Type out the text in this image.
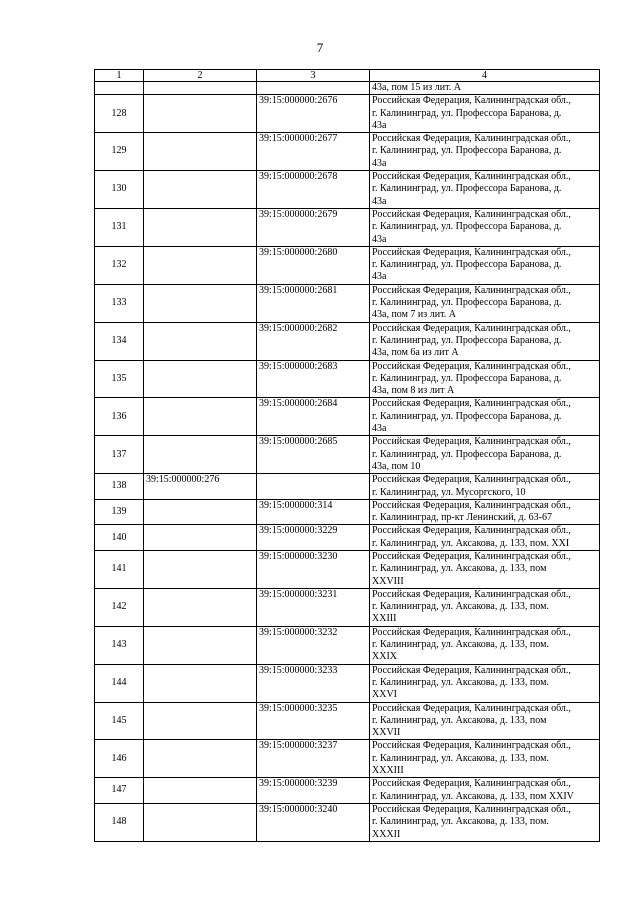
7
1	2	3	4
			43а, пом 15 из лит. А
128		39:15:000000:2676	Российская Федерация, Калининградская обл.,
г. Калининград, ул. Профессора Баранова, д.
43а
129		39:15:000000:2677	Российская Федерация, Калининградская обл.,
г. Калининград, ул. Профессора Баранова, д.
43а
130		39:15:000000:2678	Российская Федерация, Калининградская обл.,
г. Калининград, ул. Профессора Баранова, д.
43а
131		39:15:000000:2679	Российская Федерация, Калининградская обл.,
г. Калининград, ул. Профессора Баранова, д.
43а
132		39:15:000000:2680	Российская Федерация, Калининградская обл.,
г. Калининград, ул. Профессора Баранова, д.
43а
133		39:15:000000:2681	Российская Федерация, Калининградская обл.,
г. Калининград, ул. Профессора Баранова, д.
43а, пом 7 из лит. А
134		39:15:000000:2682	Российская Федерация, Калининградская обл.,
г. Калининград, ул. Профессора Баранова, д.
43а, пом 6а из лит А
135		39:15:000000:2683	Российская Федерация, Калининградская обл.,
г. Калининград, ул. Профессора Баранова, д.
43а, пом 8 из лит А
136		39:15:000000:2684	Российская Федерация, Калининградская обл.,
г. Калининград, ул. Профессора Баранова, д.
43а
137		39:15:000000:2685	Российская Федерация, Калининградская обл.,
г. Калининград, ул. Профессора Баранова, д.
43а, пом 10
138	39:15:000000:276		Российская Федерация, Калининградская обл.,
г. Калининград, ул. Мусоргского, 10
139		39:15:000000:314	Российская Федерация, Калининградская обл.,
г. Калининград, пр-кт Ленинский, д. 63-67
140		39:15:000000:3229	Российская Федерация, Калининградская обл.,
г. Калининград, ул. Аксакова, д. 133, пом. XXI
141		39:15:000000:3230	Российская Федерация, Калининградская обл.,
г. Калининград, ул. Аксакова, д. 133, пом
XXVIII
142		39:15:000000:3231	Российская Федерация, Калининградская обл.,
г. Калининград, ул. Аксакова, д. 133, пом.
XXIII
143		39:15:000000:3232	Российская Федерация, Калининградская обл.,
г. Калининград, ул. Аксакова, д. 133, пом.
XXIX
144		39:15:000000:3233	Российская Федерация, Калининградская обл.,
г. Калининград, ул. Аксакова, д. 133, пом.
XXVI
145		39:15:000000:3235	Российская Федерация, Калининградская обл.,
г. Калининград, ул. Аксакова, д. 133, пом
XXVII
146		39:15:000000:3237	Российская Федерация, Калининградская обл.,
г. Калининград, ул. Аксакова, д. 133, пом.
XXXIII
147		39:15:000000:3239	Российская Федерация, Калининградская обл.,
г. Калининград, ул. Аксакова, д. 133, пом XXIV
148		39:15:000000:3240	Российская Федерация, Калининградская обл.,
г. Калининград, ул. Аксакова, д. 133, пом.
XXXII
